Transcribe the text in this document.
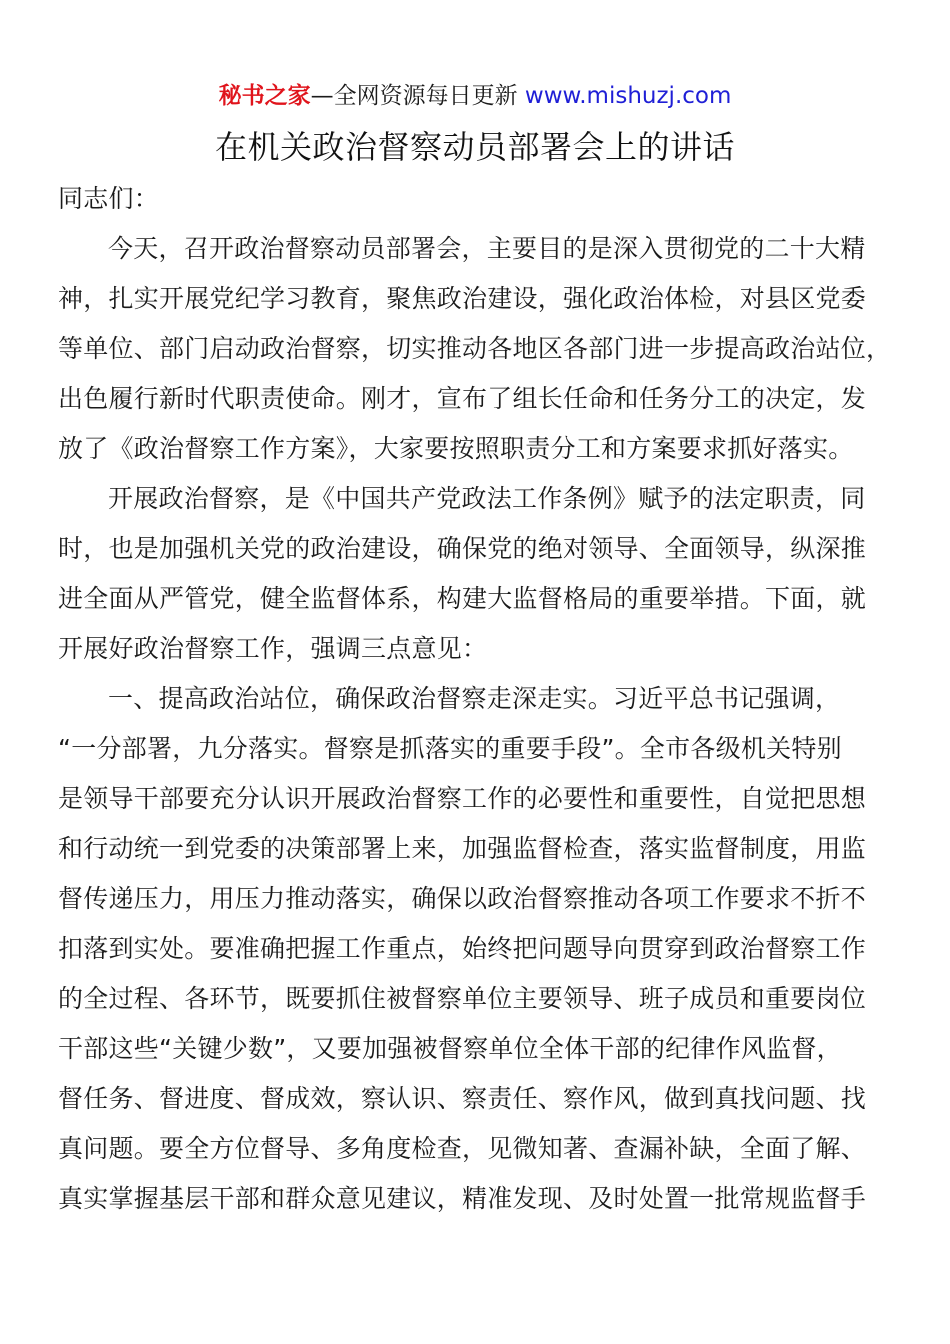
秘书之家—全网资源每日更新 www.mishuzj.com
在机关政治督察动员部署会上的讲话

同志们：

今天，召开政治督察动员部署会，主要目的是深入贯彻党的二十大精
神，扎实开展党纪学习教育，聚焦政治建设，强化政治体检，对县区党委
等单位、部门启动政治督察，切实推动各地区各部门进一步提高政治站位，
出色履行新时代职责使命。刚才，宣布了组长任命和任务分工的决定，发
放了《政治督察工作方案》，大家要按照职责分工和方案要求抓好落实。

开展政治督察，是《中国共产党政法工作条例》赋予的法定职责，同
时，也是加强机关党的政治建设，确保党的绝对领导、全面领导，纵深推
进全面从严管党，健全监督体系，构建大监督格局的重要举措。下面，就
开展好政治督察工作，强调三点意见：

一、提高政治站位，确保政治督察走深走实。习近平总书记强调，
“一分部署，九分落实。督察是抓落实的重要手段”。全市各级机关特别
是领导干部要充分认识开展政治督察工作的必要性和重要性，自觉把思想
和行动统一到党委的决策部署上来，加强监督检查，落实监督制度，用监
督传递压力，用压力推动落实，确保以政治督察推动各项工作要求不折不
扣落到实处。要准确把握工作重点，始终把问题导向贯穿到政治督察工作
的全过程、各环节，既要抓住被督察单位主要领导、班子成员和重要岗位
干部这些“关键少数”，又要加强被督察单位全体干部的纪律作风监督，
督任务、督进度、督成效，察认识、察责任、察作风，做到真找问题、找
真问题。要全方位督导、多角度检查，见微知著、查漏补缺，全面了解、
真实掌握基层干部和群众意见建议，精准发现、及时处置一批常规监督手
